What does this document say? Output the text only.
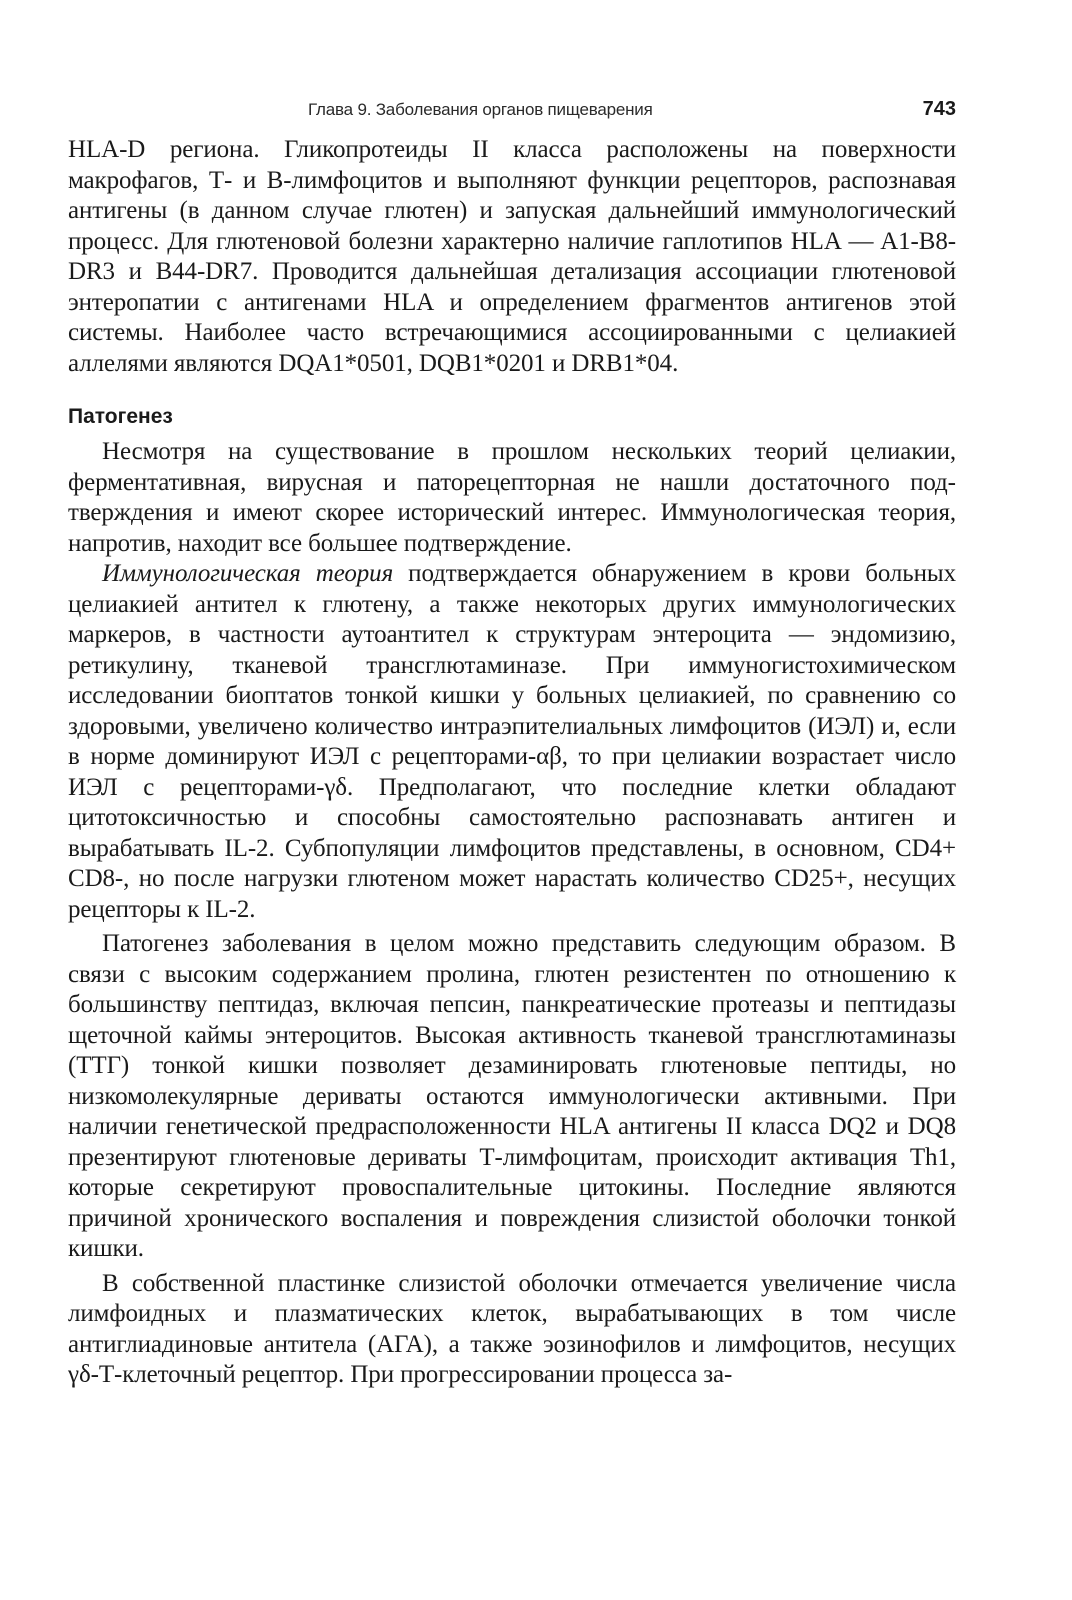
Глава 9. Заболевания органов пищеварения	743

HLA-D региона. Гликопротеиды II класса расположены на поверхности макрофагов, Т- и В-лимфоцитов и выполняют функции рецепторов, распознавая антигены (в данном случае глютен) и запуская дальнейший иммунологический процесс. Для глютеновой болезни характерно наличие гаплотипов HLA — A1-B8-DR3 и B44-DR7. Проводится дальнейшая детализация ассоциации глютеновой энтеропатии с антигенами HLA и определением фрагментов антигенов этой системы. Наиболее часто встречающимися ассоциированными с целиакией аллелями являются DQA1*0501, DQB1*0201 и DRB1*04.

Патогенез

Несмотря на существование в прошлом нескольких теорий целиакии, ферментативная, вирусная и паторецепторная не нашли достаточного подтверждения и имеют скорее исторический интерес. Иммунологическая теория, напротив, находит все большее подтверждение.

Иммунологическая теория подтверждается обнаружением в крови больных целиакией антител к глютену, а также некоторых других иммунологических маркеров, в частности аутоантител к структурам энтероцита — эндомизию, ретикулину, тканевой трансглютаминазе. При иммуногистохимическом исследовании биоптатов тонкой кишки у больных целиакией, по сравнению со здоровыми, увеличено количество интраэпителиальных лимфоцитов (ИЭЛ) и, если в норме доминируют ИЭЛ с рецепторами-αβ, то при целиакии возрастает число ИЭЛ с рецепторами-γδ. Предполагают, что последние клетки обладают цитотоксичностью и способны самостоятельно распознавать антиген и вырабатывать IL-2. Субпопуляции лимфоцитов представлены, в основном, CD4+ CD8-, но после нагрузки глютеном может нарастать количество CD25+, несущих рецепторы к IL-2.

Патогенез заболевания в целом можно представить следующим образом. В связи с высоким содержанием пролина, глютен резистентен по отношению к большинству пептидаз, включая пепсин, панкреатические протеазы и пептидазы щеточной каймы энтероцитов. Высокая активность тканевой трансглютаминазы (ТТГ) тонкой кишки позволяет дезаминировать глютеновые пептиды, но низкомолекулярные дериваты остаются иммунологически активными. При наличии генетической предрасположенности HLA антигены II класса DQ2 и DQ8 презентируют глютеновые дериваты Т-лимфоцитам, происходит активация Th1, которые секретируют провоспалительные цитокины. Последние являются причиной хронического воспаления и повреждения слизистой оболочки тонкой кишки.

В собственной пластинке слизистой оболочки отмечается увеличение числа лимфоидных и плазматических клеток, вырабатывающих в том числе антиглиадиновые антитела (АГА), а также эозинофилов и лимфоцитов, несущих γδ-Т-клеточный рецептор. При прогрессировании процесса за-
